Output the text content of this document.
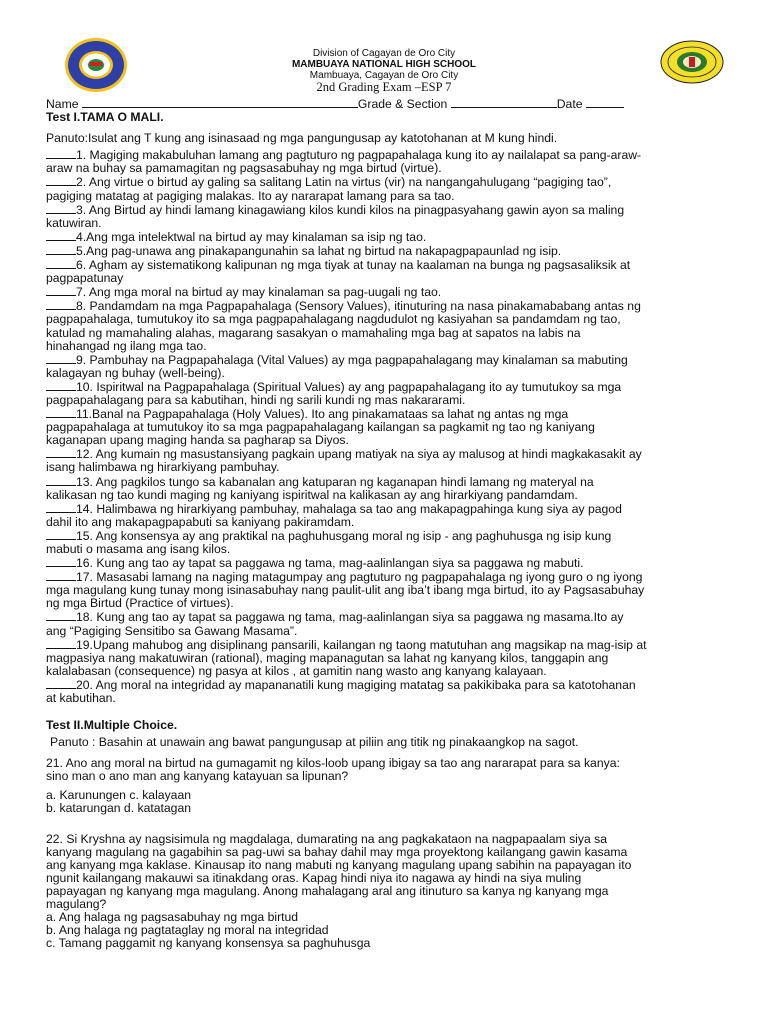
Division of Cagayan de Oro City
MAMBUAYA NATIONAL HIGH SCHOOL
Mambuaya, Cagayan de Oro City
2nd Grading Exam –ESP 7
Name	Grade & Section	Date
Test I.TAMA O MALI.
Panuto:Isulat ang T kung ang isinasaad ng mga pangungusap ay katotohanan at M kung hindi.
1. Magiging makabuluhan lamang ang pagtuturo ng pagpapahalaga kung ito ay nailalapat sa pang-araw-
araw na buhay sa pamamagitan ng pagsasabuhay ng mga birtud (virtue).
2. Ang virtue o birtud ay galing sa salitang Latin na virtus (vir) na nangangahulugang “pagiging tao”,
pagiging matatag at pagiging malakas. Ito ay nararapat lamang para sa tao.
3. Ang Birtud ay hindi lamang kinagawiang kilos kundi kilos na pinagpasyahang gawin ayon sa maling
katuwiran.
4.Ang mga intelektwal na birtud ay may kinalaman sa isip ng tao.
5.Ang pag-unawa ang pinakapangunahin sa lahat ng birtud na nakapagpapaunlad ng isip.
6. Agham ay sistematikong kalipunan ng mga tiyak at tunay na kaalaman na bunga ng pagsasaliksik at
pagpapatunay
7. Ang mga moral na birtud ay may kinalaman sa pag-uugali ng tao.
8. Pandamdam na mga Pagpapahalaga (Sensory Values), itinuturing na nasa pinakamababang antas ng
pagpapahalaga, tumutukoy ito sa mga pagpapahalagang nagdudulot ng kasiyahan sa pandamdam ng tao,
katulad ng mamahaling alahas, magarang sasakyan o mamahaling mga bag at sapatos na labis na
hinahangad ng ilang mga tao.
9. Pambuhay na Pagpapahalaga (Vital Values) ay mga pagpapahalagang may kinalaman sa mabuting
kalagayan ng buhay (well-being).
10. Ispiritwal na Pagpapahalaga (Spiritual Values) ay ang pagpapahalagang ito ay tumutukoy sa mga
pagpapahalagang para sa kabutihan, hindi ng sarili kundi ng mas nakararami.
11.Banal na Pagpapahalaga (Holy Values). Ito ang pinakamataas sa lahat ng antas ng mga
pagpapahalaga at tumutukoy ito sa mga pagpapahalagang kailangan sa pagkamit ng tao ng kaniyang
kaganapan upang maging handa sa pagharap sa Diyos.
12. Ang kumain ng masustansiyang pagkain upang matiyak na siya ay malusog at hindi magkakasakit ay
isang halimbawa ng hirarkiyang pambuhay.
13. Ang pagkilos tungo sa kabanalan ang katuparan ng kaganapan hindi lamang ng materyal na
kalikasan ng tao kundi maging ng kaniyang ispiritwal na kalikasan ay ang hirarkiyang pandamdam.
14. Halimbawa ng hirarkiyang pambuhay, mahalaga sa tao ang makapagpahinga kung siya ay pagod
dahil ito ang makapagpapabuti sa kaniyang pakiramdam.
15. Ang konsensya ay ang praktikal na paghuhusgang moral ng isip - ang paghuhusga ng isip kung
mabuti o masama ang isang kilos.
16. Kung ang tao ay tapat sa paggawa ng tama, mag-aalinlangan siya sa paggawa ng mabuti.
17. Masasabi lamang na naging matagumpay ang pagtuturo ng pagpapahalaga ng iyong guro o ng iyong
mga magulang kung tunay mong isinasabuhay nang paulit-ulit ang iba’t ibang mga birtud, ito ay Pagsasabuhay
ng mga Birtud (Practice of virtues).
18. Kung ang tao ay tapat sa paggawa ng tama, mag-aalinlangan siya sa paggawa ng masama.Ito ay
ang “Pagiging Sensitibo sa Gawang Masama”.
19.Upang mahubog ang disiplinang pansarili, kailangan ng taong matutuhan ang magsikap na mag-isip at
magpasiya nang makatuwiran (rational), maging mapanagutan sa lahat ng kanyang kilos, tanggapin ang
kalalabasan (consequence) ng pasya at kilos , at gamitin nang wasto ang kanyang kalayaan.
20. Ang moral na integridad ay mapananatili kung magiging matatag sa pakikibaka para sa katotohanan
at kabutihan.
Test II.Multiple Choice.
Panuto : Basahin at unawain ang bawat pangungusap at piliin ang titik ng pinakaangkop na sagot.
21. Ano ang moral na birtud na gumagamit ng kilos-loob upang ibigay sa tao ang nararapat para sa kanya:
sino man o ano man ang kanyang katayuan sa lipunan?
a. Karunungen c. kalayaan
b. katarungan d. katatagan
22. Si Kryshna ay nagsisimula ng magdalaga, dumarating na ang pagkakataon na nagpapaalam siya sa
kanyang magulang na gagabihin sa pag-uwi sa bahay dahil may mga proyektong kailangang gawin kasama
ang kanyang mga kaklase. Kinausap ito nang mabuti ng kanyang magulang upang sabihin na papayagan ito
ngunit kailangang makauwi sa itinakdang oras. Kapag hindi niya ito nagawa ay hindi na siya muling
papayagan ng kanyang mga magulang. Anong mahalagang aral ang itinuturo sa kanya ng kanyang mga
magulang?
a. Ang halaga ng pagsasabuhay ng mga birtud
b. Ang halaga ng pagtataglay ng moral na integridad
c. Tamang paggamit ng kanyang konsensya sa paghuhusga
